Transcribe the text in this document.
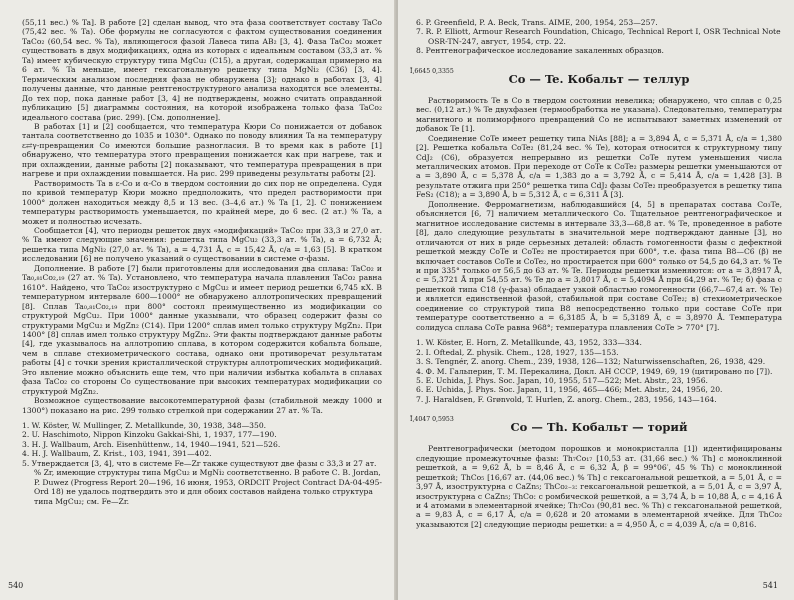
(55,11 вес.) % Ta]. В работе [2] сделан вывод, что эта фаза соответствует составу TaCo (75,42 вес. % Ta). Обе формулы не согласуются с фактом существования соединения TaCo₂ (60,54 вес. % Ta), являющегося фазой Лавеса типа AB₂ [3, 4]. Фаза TaCo₂ может существовать в двух модификациях, одна из которых с идеальным составом (33,3 ат. % Ta) имеет кубическую структуру типа MgCu₂ (C15), а другая, содержащая примерно на 6 ат. % Ta меньше, имеет гексагональную решетку типа MgNi₂ (C36) [3, 4]. Термическим анализом последняя фаза не обнаружена [3]; однако в работах [3, 4] получены данные, что данные рентгеноструктурного анализа находятся все элементы. До тех пор, пока данные работ [3, 4] не подтверждены, можно считать оправданной публикацию [5] диаграммы состояния, на которой изображена только фаза TaCo₂ идеального состава (рис. 299). [См. дополнение].

В работах [1] и [2] сообщается, что температура Кюри Co понижается от добавок тантала соответственно до 1035 и 1030°. Однако по поводу влияния Ta на температуру ε⇄γ-превращения Co имеются большие разногласия. В то время как в работе [1] обнаружено, что температура этого превращения понижается как при нагреве, так и при охлаждении, данные работы [2] показывают, что температура превращения в при нагреве и при охлаждении повышается. На рис. 299 приведены результаты работы [2].

Растворимость Ta в ε-Co и α-Co в твердом состоянии до сих пор не определена. Судя по кривой температур Кюри можно предположить, что предел растворимости при 1000° должен находиться между 8,5 и 13 вес. (3–4,6 ат.) % Ta [1, 2]. С понижением температуры растворимость уменьшается, по крайней мере, до 6 вес. (2 ат.) % Ta, а может и полностью исчезать.

Сообщается [4], что периоды решеток двух «модификаций» TaCo₂ при 33,3 и 27,0 ат. % Ta имеют следующие значения: решетка типа MgCu₂ (33,3 ат. % Ta), a = 6,732 Å; решетка типа MgNi₂ (27,0 ат. % Ta), a = 4,731 Å, c = 15,42 Å, c/a = 1,63 [5]. В кратком исследовании [6] не получено указаний о существовании в системе σ-фазы.

Дополнение. В работе [7] были приготовлены для исследования два сплава: TaCo₂ и Ta₀,₈₁Co₂,₁₉ (27 ат. % Ta). Установлено, что температура начала плавления TaCo₂ равна 1610°. Найдено, что TaCo₂ изоструктурно с MgCu₂ и имеет период решетки 6,745 кX. В температурном интервале 600—1000° не обнаружено аллотропических превращений [8]. Сплав Ta₀,₈₁Co₂,₁₉ при 800° состоял преимущественно из модификации со структурой MgCu₂. При 1000° данные указывали, что образец содержит фазы со структурами MgCu₂ и MgZn₂ (C14). При 1200° сплав имел только структуру MgZn₂. При 1400° [8] сплав имел только структуру MgZn₂. Эти факты подтверждают данные работы [4], где указывалось на аллотропию сплава, в котором содержится кобальта больше, чем в сплаве стехиометрического состава, однако они противоречат результатам работы [4] с точки зрения кристаллической структуры аллотропических модификаций. Это явление можно объяснить еще тем, что при наличии избытка кобальта в сплавах фаза TaCo₂ со стороны Co существование при высоких температурах модификации со структурой MgZn₂.

Возможное существование высокотемпературной фазы (стабильной между 1000 и 1300°) показано на рис. 299 только стрелкой при содержании 27 ат. % Ta.

1. W. Köster, W. Mullinger, Z. Metallkunde, 30, 1938, 348—350.
2. U. Haschimoto, Nippon Kinzoku Gakkai-Shi, 1, 1937, 177—190.
3. H. J. Wallbaum, Arch. Eisenhüttenw., 14, 1940—1941, 521—526.
4. H. J. Wallbaum, Z. Krist., 103, 1941, 391—402.
5. Утверждается [3, 4], что в системе Fe—Zr также существуют две фазы с 33,3 и 27 ат. % Zr, имеющие структуры типа MgCu₂ и MgNi₂ соответственно. В работе С. B. Jordan, P. Duwez (Progress Report 20—196, 16 июня, 1953, ORDCIT Project Contract DA-04-495-Ord 18) не удалось подтвердить это и для обоих составов найдена только структура типа MgCu₂; см. Fe—Zr.
540
6. P. Greenfield, P. A. Beck, Trans. AIME, 200, 1954, 253—257.
7. R. P. Elliott, Armour Research Foundation, Chicago, Technical Report I, OSR Technical Note OSR-TN-247, август, 1954, стр. 22.
8. Рентгенографическое исследование закаленных образцов.
Ī,6645 0,3355
Co — Te. Кобальт — теллур

Растворимость Te в Co в твердом состоянии невелика; обнаружено, что сплав с 0,25 вес. (0,12 ат.) % Te двухфазен (термообработка не указана). Следовательно, температуры магнитного и полиморфного превращений Co не испытывают заметных изменений от добавок Te [1].

Соединение CoTe имеет решетку типа NiAs [88]; a = 3,894 Å, c = 5,371 Å, c/a = 1,380 [2]. Решетка кобальта CoTe₂ (81,24 вес. % Te), которая относится к структурному типу CdJ₂ (C6), образуется непрерывно из решетки CoTe путем уменьшения числа металлических атомов. При переходе от CoTe к CoTe₂ размеры решетки уменьшаются от a = 3,890 Å, c = 5,378 Å, c/a = 1,383 до a = 3,792 Å, c = 5,414 Å, c/a = 1,428 [3]. В результате отжига при 250° решетка типа CdJ₂ фазы CoTe₂ преобразуется в решетку типа FeS₂ (C18); a = 3,890 Å, b = 5,312 Å, c = 6,311 Å [3].

Дополнение. Ферромагнетизм, наблюдавшийся [4, 5] в препаратах состава Co₃Te, объясняется [6, 7] наличием металлического Co. Тщательное рентгенографическое и магнитное исследование системы в интервале 33,3—68,8 ат. % Te, проведенное в работе [8], дало следующие результаты в значительной мере подтверждают данные [3], но отличаются от них в ряде серьезных деталей: область гомогенности фазы с дефектной решеткой между CoTe и CoTe₂ не простирается при 600°, т.е. фаза типа B8—C6 (β) не включает составов CoTe и CoTe₂, но простирается при 600° только от 54,5 до 64,3 ат. % Te и при 335° только от 56,5 до 63 ат. % Te. Периоды решетки изменяются: от a = 3,8917 Å, c = 5,3721 Å при 54,55 ат. % Te до a = 3,8017 Å, c = 5,4094 Å при 64,29 ат. % Te; б) фаза с решеткой типа C18 (γ-фаза) обладает узкой областью гомогенности (66,7—67,4 ат. % Te) и является единственной фазой, стабильной при составе CoTe₂; в) стехиометрическое соединение со структурой типа B8 непосредственно только при составе CoTe при температуре соответственно a = 6,3185 Å, b = 5,3189 Å, c = 3,8970 Å. Температура солидуса сплава CoTe равна 968°; температура плавления CoTe > 770° [7].

1. W. Köster, E. Horn, Z. Metallkunde, 43, 1952, 333—334.
2. I. Oftedal, Z. physik. Chem., 128, 1927, 135—153.
3. S. Tengnér, Z. anorg. Chem., 239, 1938, 126—132; Naturwissenschaften, 26, 1938, 429.
4. Ф. М. Гальперин, Т. М. Перекалина, Докл. АН СССР, 1949, 69, 19 (цитировано по [7]).
5. E. Uchida, J. Phys. Soc. Japan, 10, 1955, 517—522; Met. Abstr., 23, 1956.
6. E. Uchida, J. Phys. Soc. Japan, 11, 1956, 465—466; Met. Abstr., 24, 1956, 20.
7. J. Haraldsen, F. Grønvold, T. Hurlen, Z. anorg. Chem., 283, 1956, 143—164.
Ī,4047 0,5953
Co — Th. Кобальт — торий

Рентгенографически (методом порошков и монокристалла [1]) идентифицированы следующие промежуточные фазы: Th₇Co₁₇ [10,53 ат. (31,66 вес.) % Th] с моноклинной решеткой, a = 9,62 Å, b = 8,46 Å, c = 6,32 Å, β = 99°06′, 45 % Th) с моноклинной решеткой; ThCo₅ [16,67 ат. (44,06 вес.) % Th] с гексагональной решеткой, a = 5,01 Å, c = 3,97 Å, изоструктурна с CaZn₅; ThCo₂₋₃: гексагональной решеткой, a = 5,01 Å, c = 3,97 Å, изоструктурна с CaZn₅; ThCo: с ромбической решеткой, a = 3,74 Å, b = 10,88 Å, c = 4,16 Å и 4 атомами в элементарной ячейке; Th₇Co₃ (90,81 вес. % Th) с гексагональной решеткой, a = 9,83 Å, c = 6,17 Å, c/a = 0,628 и 20 атомами в элементарной ячейке. Для ThCo₂ указываются [2] следующие периоды решетки: a = 4,950 Å, c = 4,039 Å, c/a = 0,816.

541
